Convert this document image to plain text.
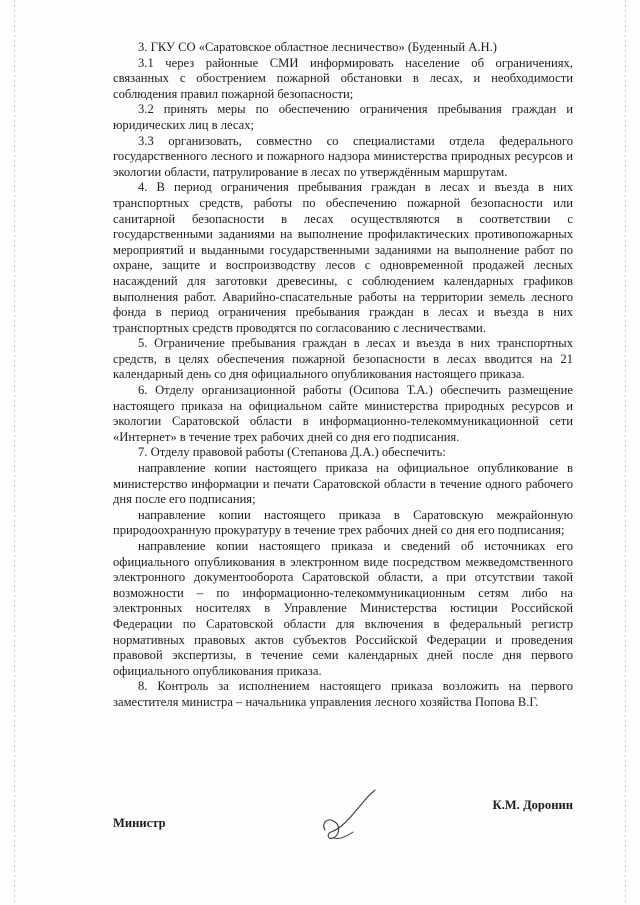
3. ГКУ СО «Саратовское областное лесничество» (Буденный А.Н.)

3.1 через районные СМИ информировать население об ограничениях, связанных с обострением пожарной обстановки в лесах, и необходимости соблюдения правил пожарной безопасности;

3.2 принять меры по обеспечению ограничения пребывания граждан и юридических лиц в лесах;

3.3 организовать, совместно со специалистами отдела федерального государственного лесного и пожарного надзора министерства природных ресурсов и экологии области, патрулирование в лесах по утверждённым маршрутам.

4. В период ограничения пребывания граждан в лесах и въезда в них транспортных средств, работы по обеспечению пожарной безопасности или санитарной безопасности в лесах осуществляются в соответствии с государственными заданиями на выполнение профилактических противопожарных мероприятий и выданными государственными заданиями на выполнение работ по охране, защите и воспроизводству лесов с одновременной продажей лесных насаждений для заготовки древесины, с соблюдением календарных графиков выполнения работ. Аварийно-спасательные работы на территории земель лесного фонда в период ограничения пребывания граждан в лесах и въезда в них транспортных средств проводятся по согласованию с лесничествами.

5. Ограничение пребывания граждан в лесах и въезда в них транспортных средств, в целях обеспечения пожарной безопасности в лесах вводится на 21 календарный день со дня официального опубликования настоящего приказа.

6. Отделу организационной работы (Осипова Т.А.) обеспечить размещение настоящего приказа на официальном сайте министерства природных ресурсов и экологии Саратовской области в информационно-телекоммуникационной сети «Интернет» в течение трех рабочих дней со дня его подписания.

7. Отделу правовой работы (Степанова Д.А.) обеспечить:

направление копии настоящего приказа на официальное опубликование в министерство информации и печати Саратовской области в течение одного рабочего дня после его подписания;

направление копии настоящего приказа в Саратовскую межрайонную природоохранную прокуратуру в течение трех рабочих дней со дня его подписания;

направление копии настоящего приказа и сведений об источниках его официального опубликования в электронном виде посредством межведомственного электронного документооборота Саратовской области, а при отсутствии такой возможности – по информационно-телекоммуникационным сетям либо на электронных носителях в Управление Министерства юстиции Российской Федерации по Саратовской области для включения в федеральный регистр нормативных правовых актов субъектов Российской Федерации и проведения правовой экспертизы, в течение семи календарных дней после дня первого официального опубликования приказа.

8. Контроль за исполнением настоящего приказа возложить на первого заместителя министра – начальника управления лесного хозяйства Попова В.Г.

Министр
К.М. Доронин
